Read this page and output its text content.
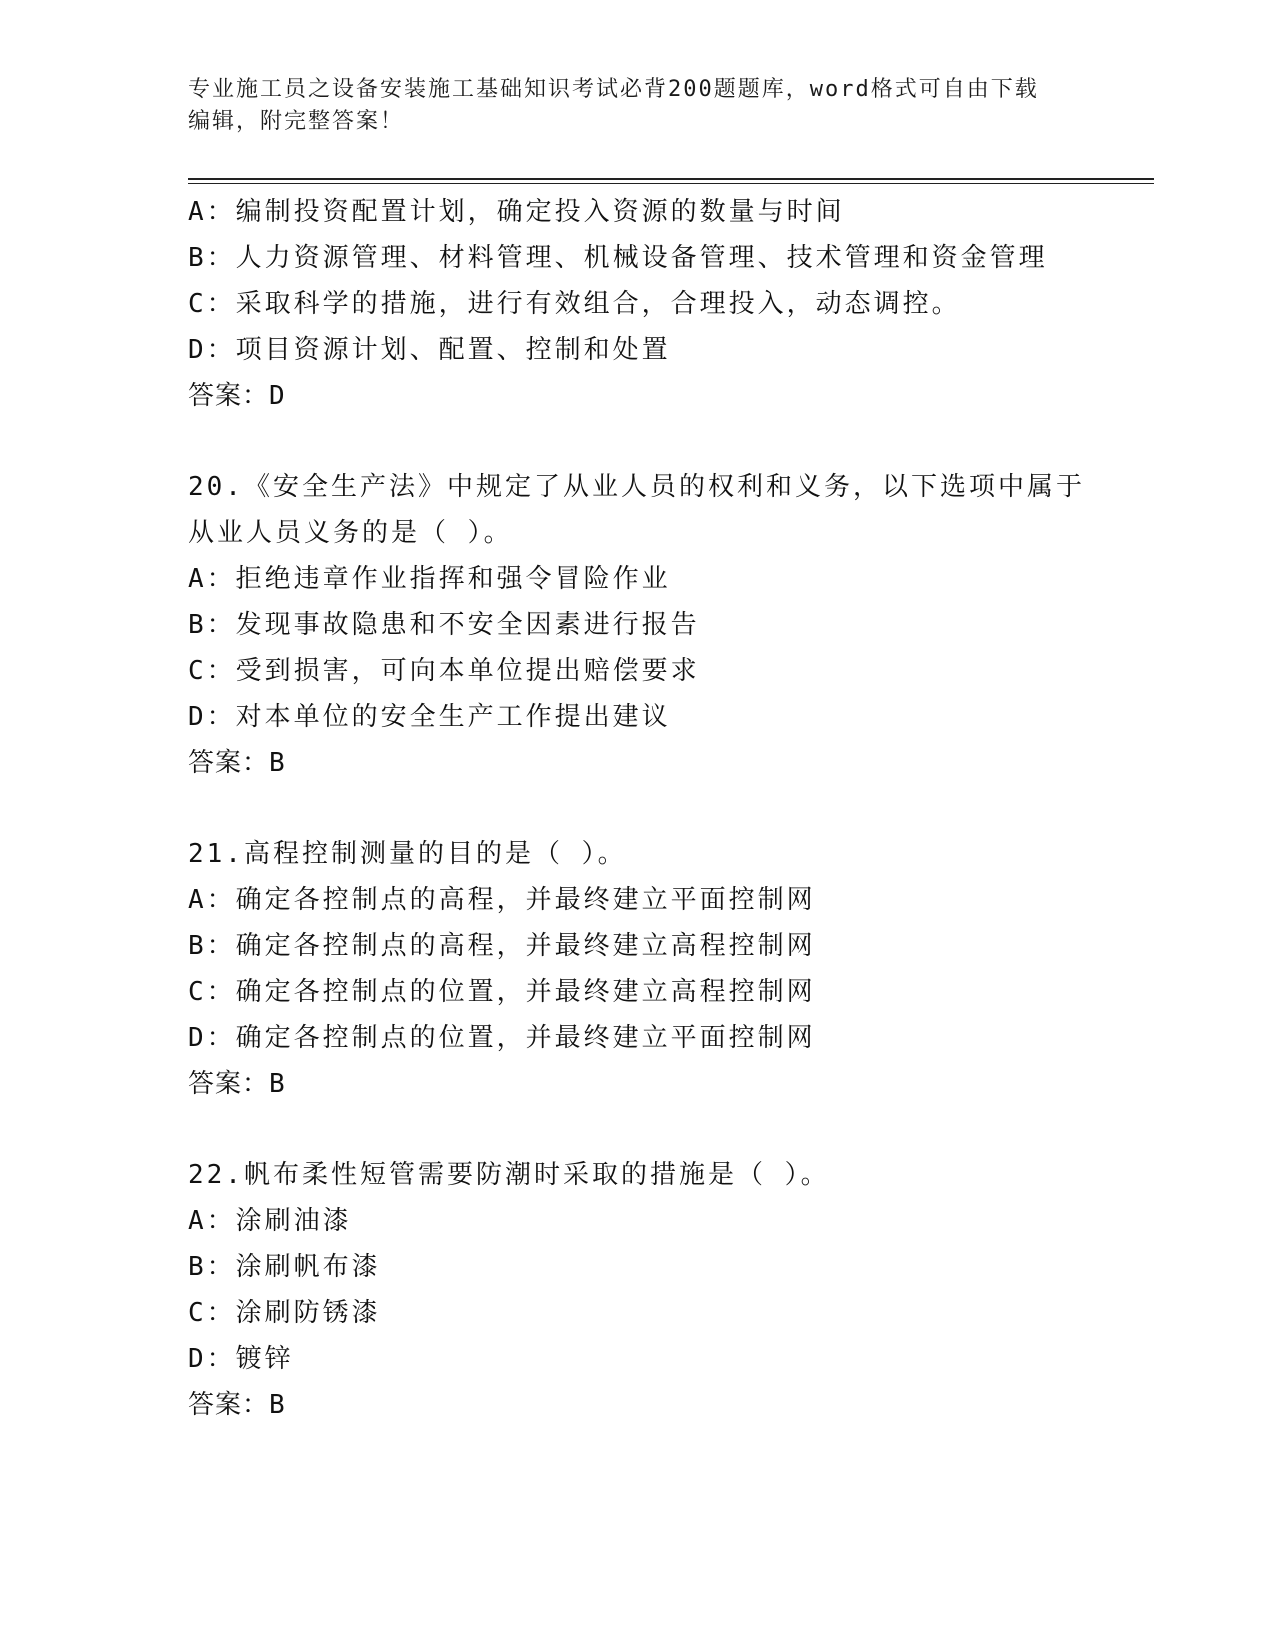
专业施工员之设备安装施工基础知识考试必背200题题库，word格式可自由下载
编辑，附完整答案！
A：编制投资配置计划，确定投入资源的数量与时间
B：人力资源管理、材料管理、机械设备管理、技术管理和资金管理
C：采取科学的措施，进行有效组合，合理投入，动态调控。
D：项目资源计划、配置、控制和处置
答案：D
20.《安全生产法》中规定了从业人员的权利和义务，以下选项中属于
从业人员义务的是（ ）。
A：拒绝违章作业指挥和强令冒险作业
B：发现事故隐患和不安全因素进行报告
C：受到损害，可向本单位提出赔偿要求
D：对本单位的安全生产工作提出建议
答案：B
21.高程控制测量的目的是（ ）。
A：确定各控制点的高程，并最终建立平面控制网
B：确定各控制点的高程，并最终建立高程控制网
C：确定各控制点的位置，并最终建立高程控制网
D：确定各控制点的位置，并最终建立平面控制网
答案：B
22.帆布柔性短管需要防潮时采取的措施是（ ）。
A：涂刷油漆
B：涂刷帆布漆
C：涂刷防锈漆
D：镀锌
答案：B
